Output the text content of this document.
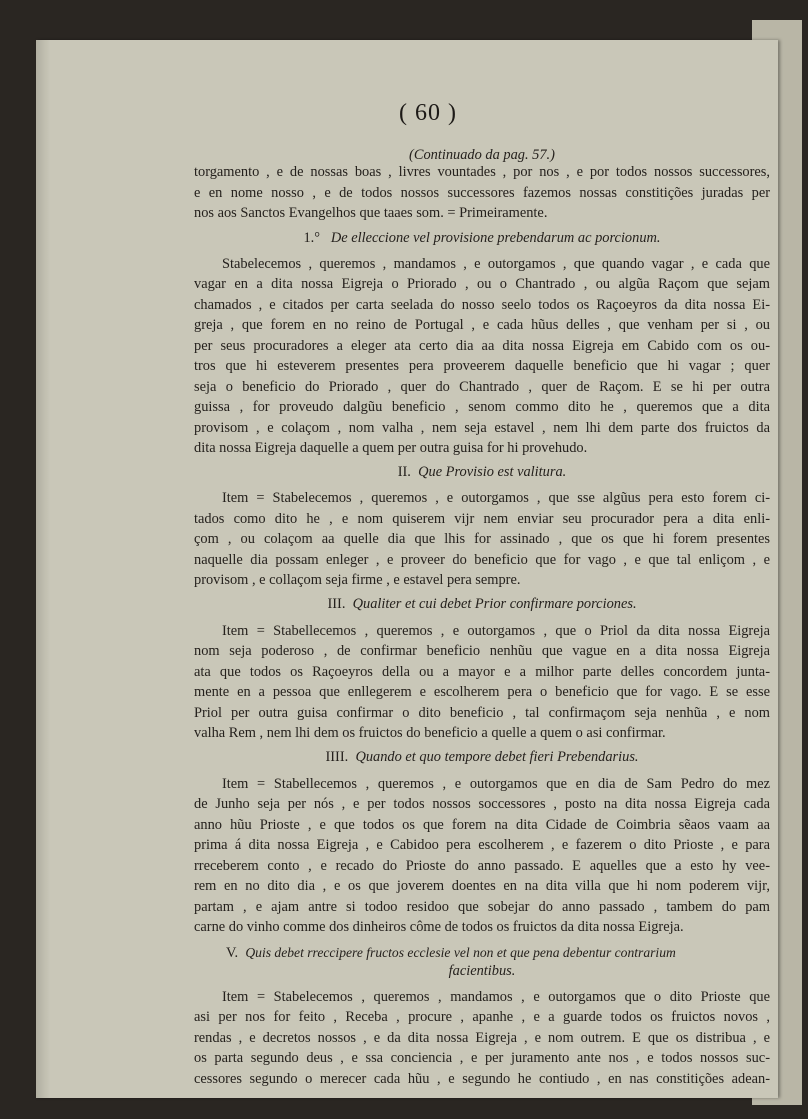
( 60 )
(Continuado da pag. 57.)
torgamento , e de nossas boas , livres vountades , por nos , e por todos nossos successores,
e en nome nosso , e de todos nossos successores fazemos nossas constitições juradas per
nos aos Sanctos Evangelhos que taaes som. = Primeiramente.
1.° De elleccione vel provisione prebendarum ac porcionum.
Stabelecemos , queremos , mandamos , e outorgamos , que quando vagar , e cada que
vagar en a dita nossa Eigreja o Priorado , ou o Chantrado , ou algũa Raçom que sejam
chamados , e citados per carta seelada do nosso seelo todos os Raçoeyros da dita nossa Ei-
greja , que forem en no reino de Portugal , e cada hũus delles , que venham per si , ou
per seus procuradores a eleger ata certo dia aa dita nossa Eigreja em Cabido com os ou-
tros que hi esteverem presentes pera proveerem daquelle beneficio que hi vagar ; quer
seja o beneficio do Priorado , quer do Chantrado , quer de Raçom. E se hi per outra
guissa , for proveudo dalgũu beneficio , senom commo dito he , queremos que a dita
provisom , e colaçom , nom valha , nem seja estavel , nem lhi dem parte dos fruictos da
dita nossa Eigreja daquelle a quem per outra guisa for hi provehudo.
II. Que Provisio est valitura.
Item = Stabelecemos , queremos , e outorgamos , que sse algũus pera esto forem ci-
tados como dito he , e nom quiserem vijr nem enviar seu procurador pera a dita enli-
çom , ou colaçom aa quelle dia que lhis for assinado , que os que hi forem presentes
naquelle dia possam enleger , e proveer do beneficio que for vago , e que tal enliçom , e
provisom , e collaçom seja firme , e estavel pera sempre.
III. Qualiter et cui debet Prior confirmare porciones.
Item = Stabellecemos , queremos , e outorgamos , que o Priol da dita nossa Eigreja
nom seja poderoso , de confirmar beneficio nenhũu que vague en a dita nossa Eigreja
ata que todos os Raçoeyros della ou a mayor e a milhor parte delles concordem junta-
mente en a pessoa que enllegerem e escolherem pera o beneficio que for vago. E se esse
Priol per outra guisa confirmar o dito beneficio , tal confirmaçom seja nenhũa , e nom
valha Rem , nem lhi dem os fruictos do beneficio a quelle a quem o asi confirmar.
IIII. Quando et quo tempore debet fieri Prebendarius.
Item = Stabellecemos , queremos , e outorgamos que en dia de Sam Pedro do mez
de Junho seja per nós , e per todos nossos soccessores , posto na dita nossa Eigreja cada
anno hũu Prioste , e que todos os que forem na dita Cidade de Coimbria sẽaos vaam aa
prima á dita nossa Eigreja , e Cabidoo pera escolherem , e fazerem o dito Prioste , e para
rreceberem conto , e recado do Prioste do anno passado. E aquelles que a esto hy vee-
rem en no dito dia , e os que joverem doentes en na dita villa que hi nom poderem vijr,
partam , e ajam antre si todoo residoo que sobejar do anno passado , tambem do pam
carne do vinho comme dos dinheiros côme de todos os fruictos da dita nossa Eigreja.
V. Quis debet rreccipere fructos ecclesie vel non et que pena debentur contrarium
facientibus.
Item = Stabelecemos , queremos , mandamos , e outorgamos que o dito Prioste que
asi per nos for feito , Receba , procure , apanhe , e a guarde todos os fruictos novos ,
rendas , e decretos nossos , e da dita nossa Eigreja , e nom outrem. E que os distribua , e
os parta segundo deus , e ssa conciencia , e per juramento ante nos , e todos nossos suc-
cessores segundo o merecer cada hũu , e segundo he contiudo , en nas constitições adean-
